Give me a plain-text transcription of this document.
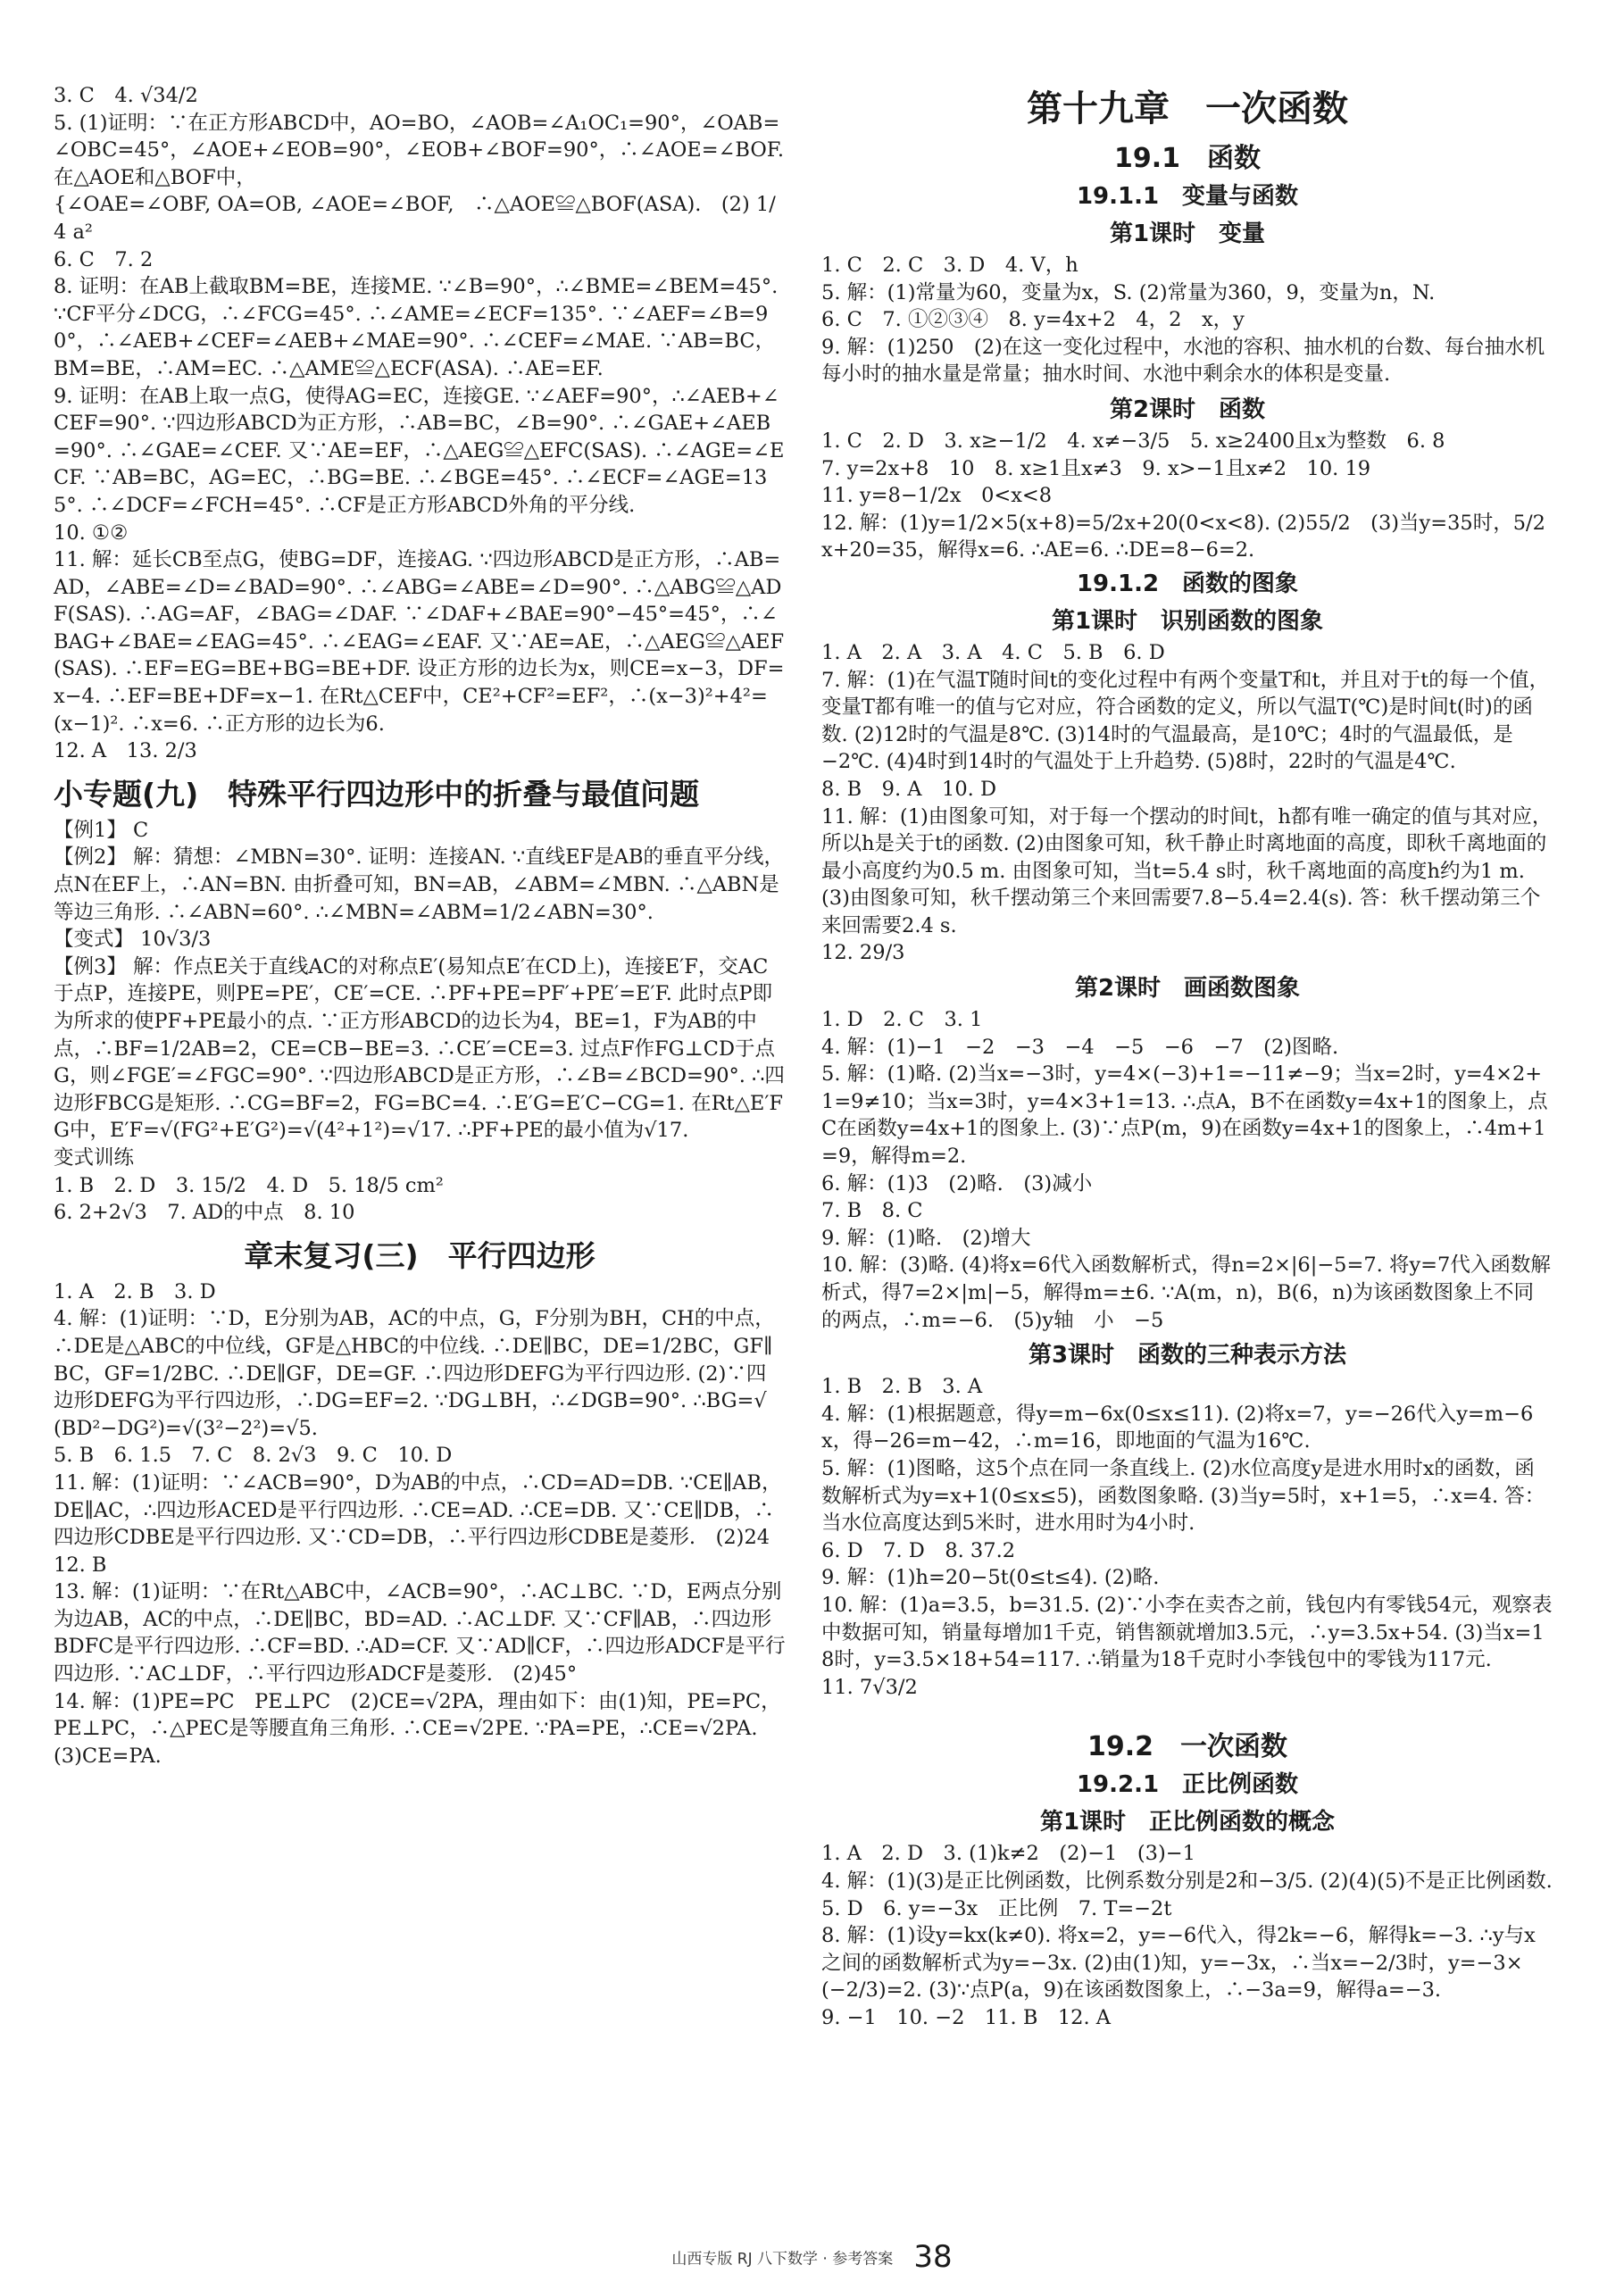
3. C　4. √34/2
5. (1)证明：∵在正方形ABCD中，AO=BO，∠AOB=∠A₁OC₁=90°，∠OAB=∠OBC=45°，∠AOE+∠EOB=90°，∠EOB+∠BOF=90°，∴∠AOE=∠BOF. 在△AOE和△BOF中，
{∠OAE=∠OBF, OA=OB, ∠AOE=∠BOF,　∴△AOE≌△BOF(ASA).　(2) 1/4 a²
6. C　7. 2
8. 证明：在AB上截取BM=BE，连接ME. ∵∠B=90°，∴∠BME=∠BEM=45°. ∵CF平分∠DCG，∴∠FCG=45°. ∴∠AME=∠ECF=135°. ∵∠AEF=∠B=90°，∴∠AEB+∠CEF=∠AEB+∠MAE=90°. ∴∠CEF=∠MAE. ∵AB=BC，BM=BE，∴AM=EC. ∴△AME≌△ECF(ASA). ∴AE=EF.
9. 证明：在AB上取一点G，使得AG=EC，连接GE. ∵∠AEF=90°，∴∠AEB+∠CEF=90°. ∵四边形ABCD为正方形，∴AB=BC，∠B=90°. ∴∠GAE+∠AEB=90°. ∴∠GAE=∠CEF. 又∵AE=EF，∴△AEG≌△EFC(SAS). ∴∠AGE=∠ECF. ∵AB=BC，AG=EC，∴BG=BE. ∴∠BGE=45°. ∴∠ECF=∠AGE=135°. ∴∠DCF=∠FCH=45°. ∴CF是正方形ABCD外角的平分线.
10. ①②
11. 解：延长CB至点G，使BG=DF，连接AG. ∵四边形ABCD是正方形，∴AB=AD，∠ABE=∠D=∠BAD=90°. ∴∠ABG=∠ABE=∠D=90°. ∴△ABG≌△ADF(SAS). ∴AG=AF，∠BAG=∠DAF. ∵∠DAF+∠BAE=90°−45°=45°，∴∠BAG+∠BAE=∠EAG=45°. ∴∠EAG=∠EAF. 又∵AE=AE，∴△AEG≌△AEF(SAS). ∴EF=EG=BE+BG=BE+DF. 设正方形的边长为x，则CE=x−3，DF=x−4. ∴EF=BE+DF=x−1. 在Rt△CEF中，CE²+CF²=EF²，∴(x−3)²+4²=(x−1)². ∴x=6. ∴正方形的边长为6.
12. A　13. 2/3
小专题(九)　特殊平行四边形中的折叠与最值问题
【例1】 C
【例2】 解：猜想：∠MBN=30°. 证明：连接AN. ∵直线EF是AB的垂直平分线，点N在EF上，∴AN=BN. 由折叠可知，BN=AB，∠ABM=∠MBN. ∴△ABN是等边三角形. ∴∠ABN=60°. ∴∠MBN=∠ABM=1/2∠ABN=30°.
【变式】 10√3/3
【例3】 解：作点E关于直线AC的对称点E′(易知点E′在CD上)，连接E′F，交AC于点P，连接PE，则PE=PE′，CE′=CE. ∴PF+PE=PF′+PE′=E′F. 此时点P即为所求的使PF+PE最小的点. ∵正方形ABCD的边长为4，BE=1，F为AB的中点，∴BF=1/2AB=2，CE=CB−BE=3. ∴CE′=CE=3. 过点F作FG⊥CD于点G，则∠FGE′=∠FGC=90°. ∵四边形ABCD是正方形，∴∠B=∠BCD=90°. ∴四边形FBCG是矩形. ∴CG=BF=2，FG=BC=4. ∴E′G=E′C−CG=1. 在Rt△E′FG中，E′F=√(FG²+E′G²)=√(4²+1²)=√17. ∴PF+PE的最小值为√17.
变式训练
1. B　2. D　3. 15/2　4. D　5. 18/5 cm²
6. 2+2√3　7. AD的中点　8. 10
章末复习(三)　平行四边形
1. A　2. B　3. D
4. 解：(1)证明：∵D，E分别为AB，AC的中点，G，F分别为BH，CH的中点，∴DE是△ABC的中位线，GF是△HBC的中位线. ∴DE∥BC，DE=1/2BC，GF∥BC，GF=1/2BC. ∴DE∥GF，DE=GF. ∴四边形DEFG为平行四边形. (2)∵四边形DEFG为平行四边形，∴DG=EF=2. ∵DG⊥BH，∴∠DGB=90°. ∴BG=√(BD²−DG²)=√(3²−2²)=√5.
5. B　6. 1.5　7. C　8. 2√3　9. C　10. D
11. 解：(1)证明：∵∠ACB=90°，D为AB的中点，∴CD=AD=DB. ∵CE∥AB，DE∥AC，∴四边形ACED是平行四边形. ∴CE=AD. ∴CE=DB. 又∵CE∥DB，∴四边形CDBE是平行四边形. 又∵CD=DB，∴平行四边形CDBE是菱形.　(2)24
12. B
13. 解：(1)证明：∵在Rt△ABC中，∠ACB=90°，∴AC⊥BC. ∵D，E两点分别为边AB，AC的中点，∴DE∥BC，BD=AD. ∴AC⊥DF. 又∵CF∥AB，∴四边形BDFC是平行四边形. ∴CF=BD. ∴AD=CF. 又∵AD∥CF，∴四边形ADCF是平行四边形. ∵AC⊥DF，∴平行四边形ADCF是菱形.　(2)45°
14. 解：(1)PE=PC　PE⊥PC　(2)CE=√2PA，理由如下：由(1)知，PE=PC，PE⊥PC，∴△PEC是等腰直角三角形. ∴CE=√2PE. ∵PA=PE，∴CE=√2PA. (3)CE=PA.
第十九章　一次函数
19.1　函数
19.1.1　变量与函数
第1课时　变量
1. C　2. C　3. D　4. V，h
5. 解：(1)常量为60，变量为x，S. (2)常量为360，9，变量为n，N.
6. C　7. ①②③④　8. y=4x+2　4，2　x，y
9. 解：(1)250　(2)在这一变化过程中，水池的容积、抽水机的台数、每台抽水机每小时的抽水量是常量；抽水时间、水池中剩余水的体积是变量.
第2课时　函数
1. C　2. D　3. x≥−1/2　4. x≠−3/5　5. x≥2400且x为整数　6. 8
7. y=2x+8　10　8. x≥1且x≠3　9. x>−1且x≠2　10. 19
11. y=8−1/2x　0<x<8
12. 解：(1)y=1/2×5(x+8)=5/2x+20(0<x<8). (2)55/2　(3)当y=35时，5/2x+20=35，解得x=6. ∴AE=6. ∴DE=8−6=2.
19.1.2　函数的图象
第1课时　识别函数的图象
1. A　2. A　3. A　4. C　5. B　6. D
7. 解：(1)在气温T随时间t的变化过程中有两个变量T和t，并且对于t的每一个值，变量T都有唯一的值与它对应，符合函数的定义，所以气温T(℃)是时间t(时)的函数. (2)12时的气温是8℃. (3)14时的气温最高，是10℃；4时的气温最低，是−2℃. (4)4时到14时的气温处于上升趋势. (5)8时，22时的气温是4℃.
8. B　9. A　10. D
11. 解：(1)由图象可知，对于每一个摆动的时间t，h都有唯一确定的值与其对应，所以h是关于t的函数. (2)由图象可知，秋千静止时离地面的高度，即秋千离地面的最小高度约为0.5 m. 由图象可知，当t=5.4 s时，秋千离地面的高度h约为1 m. (3)由图象可知，秋千摆动第三个来回需要7.8−5.4=2.4(s). 答：秋千摆动第三个来回需要2.4 s.
12. 29/3
第2课时　画函数图象
1. D　2. C　3. 1
4. 解：(1)−1　−2　−3　−4　−5　−6　−7　(2)图略.
5. 解：(1)略. (2)当x=−3时，y=4×(−3)+1=−11≠−9；当x=2时，y=4×2+1=9≠10；当x=3时，y=4×3+1=13. ∴点A，B不在函数y=4x+1的图象上，点C在函数y=4x+1的图象上. (3)∵点P(m，9)在函数y=4x+1的图象上，∴4m+1=9，解得m=2.
6. 解：(1)3　(2)略.　(3)减小
7. B　8. C
9. 解：(1)略.　(2)增大
10. 解：(3)略. (4)将x=6代入函数解析式，得n=2×|6|−5=7. 将y=7代入函数解析式，得7=2×|m|−5，解得m=±6. ∵A(m，n)，B(6，n)为该函数图象上不同的两点，∴m=−6.　(5)y轴　小　−5
第3课时　函数的三种表示方法
1. B　2. B　3. A
4. 解：(1)根据题意，得y=m−6x(0≤x≤11). (2)将x=7，y=−26代入y=m−6x，得−26=m−42，∴m=16，即地面的气温为16℃.
5. 解：(1)图略，这5个点在同一条直线上. (2)水位高度y是进水用时x的函数，函数解析式为y=x+1(0≤x≤5)，函数图象略. (3)当y=5时，x+1=5，∴x=4. 答：当水位高度达到5米时，进水用时为4小时.
6. D　7. D　8. 37.2
9. 解：(1)h=20−5t(0≤t≤4). (2)略.
10. 解：(1)a=3.5，b=31.5. (2)∵小李在卖杏之前，钱包内有零钱54元，观察表中数据可知，销量每增加1千克，销售额就增加3.5元，∴y=3.5x+54. (3)当x=18时，y=3.5×18+54=117. ∴销量为18千克时小李钱包中的零钱为117元.
11. 7√3/2
19.2　一次函数
19.2.1　正比例函数
第1课时　正比例函数的概念
1. A　2. D　3. (1)k≠2　(2)−1　(3)−1
4. 解：(1)(3)是正比例函数，比例系数分别是2和−3/5. (2)(4)(5)不是正比例函数.
5. D　6. y=−3x　正比例　7. T=−2t
8. 解：(1)设y=kx(k≠0). 将x=2，y=−6代入，得2k=−6，解得k=−3. ∴y与x之间的函数解析式为y=−3x. (2)由(1)知，y=−3x，∴当x=−2/3时，y=−3×(−2/3)=2. (3)∵点P(a，9)在该函数图象上，∴−3a=9，解得a=−3.
9. −1　10. −2　11. B　12. A
山西专版 RJ 八下数学 · 参考答案 38
